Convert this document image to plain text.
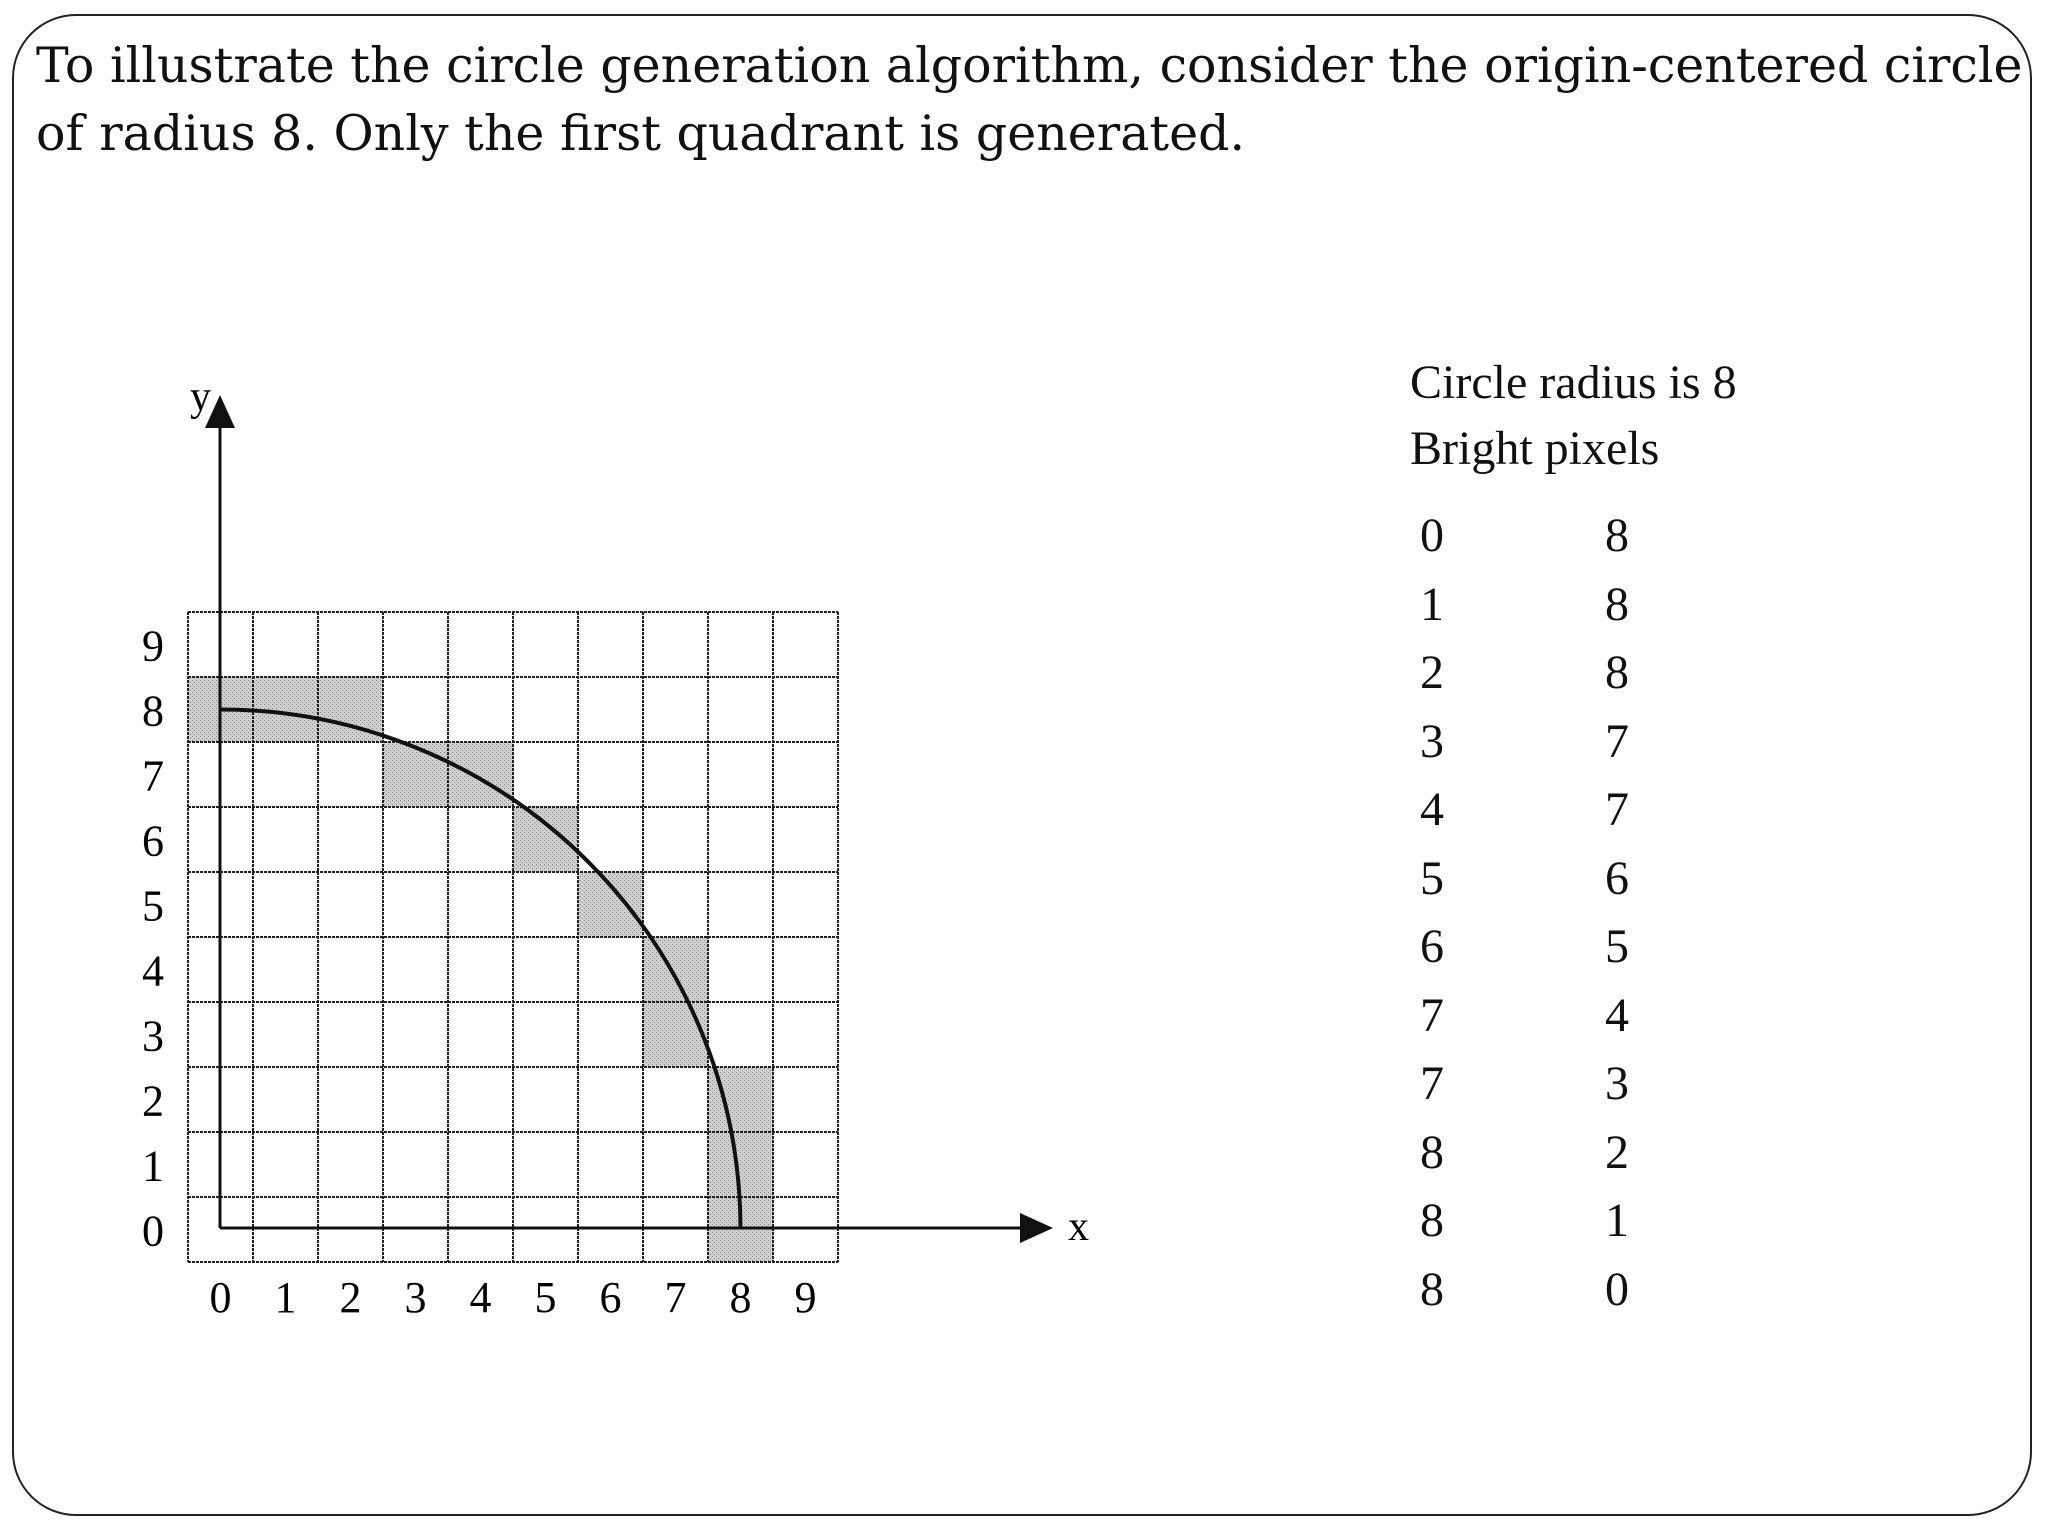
To illustrate the circle generation algorithm, consider the origin-centered circle
of radius 8. Only the first quadrant is generated.

y
x
0 1 2 3 4 5 6 7 8 9
0
1
2
3
4
5
6
7
8
9
Circle radius is 8
Bright pixels
0	8
1	8
2	8
3	7
4	7
5	6
6	5
7	4
7	3
8	2
8	1
8	0
